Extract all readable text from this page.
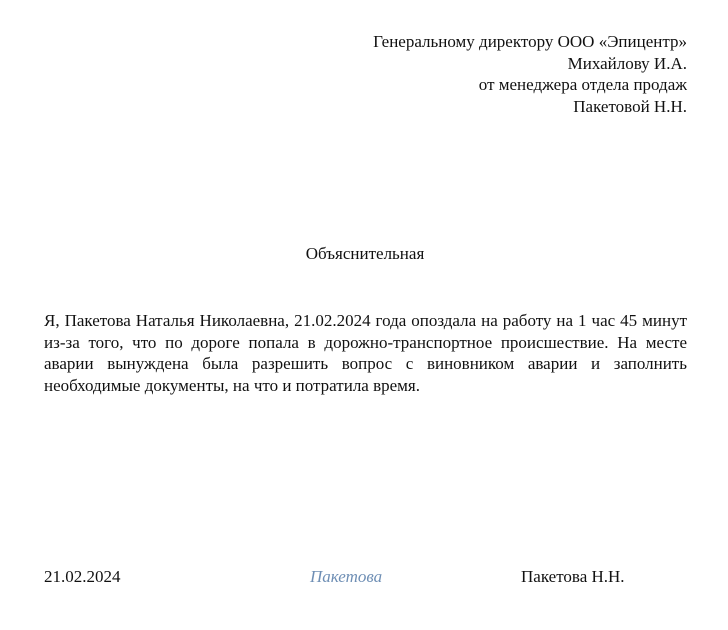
Генеральному директору ООО «Эпицентр»
Михайлову И.А.
от менеджера отдела продаж
Пакетовой Н.Н.
Объяснительная

Я, Пакетова Наталья Николаевна, 21.02.2024 года опоздала на работу на 1 час 45 минут из-за того, что по дороге попала в дорожно-транспортное происшествие. На месте аварии вынуждена была разрешить вопрос с виновником аварии и заполнить необходимые документы, на что и потратила время.

21.02.2024	Пакетова	Пакетова Н.Н.
